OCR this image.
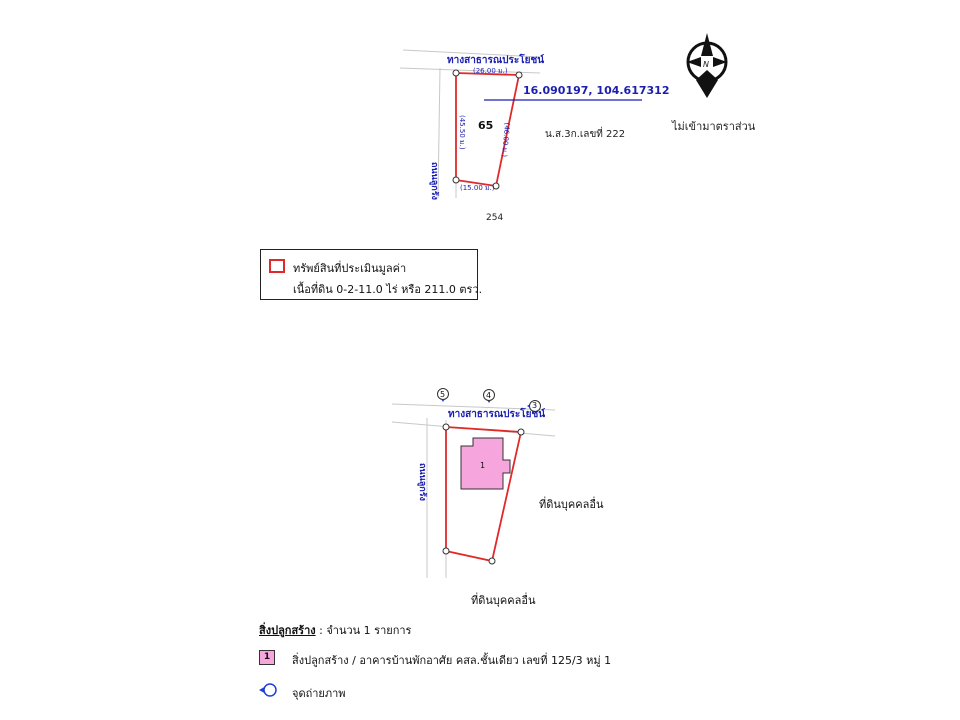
ทางสาธารณประโยชน์
(26.00 ม.)
ถนนลูกรัง
(45.50 ม.)	(46.00 ม.)
(15.00 ม.)
65
น.ส.3ก.เลขที่ 222
254
16.090197, 104.617312
N
ไม่เข้ามาตราส่วน
ทรัพย์สินที่ประเมินมูลค่า
เนื้อที่ดิน 0-2-11.0 ไร่ หรือ 211.0 ตรว.
ทางสาธารณประโยชน์
ถนนลูกรัง	1
ที่ดินบุคคลอื่น
ที่ดินบุคคลอื่น
5	4
3
สิ่งปลูกสร้าง : จำนวน 1 รายการ
1	สิ่งปลูกสร้าง / อาคารบ้านพักอาศัย คสล.ชั้นเดียว เลขที่ 125/3 หมู่ 1
จุดถ่ายภาพ
